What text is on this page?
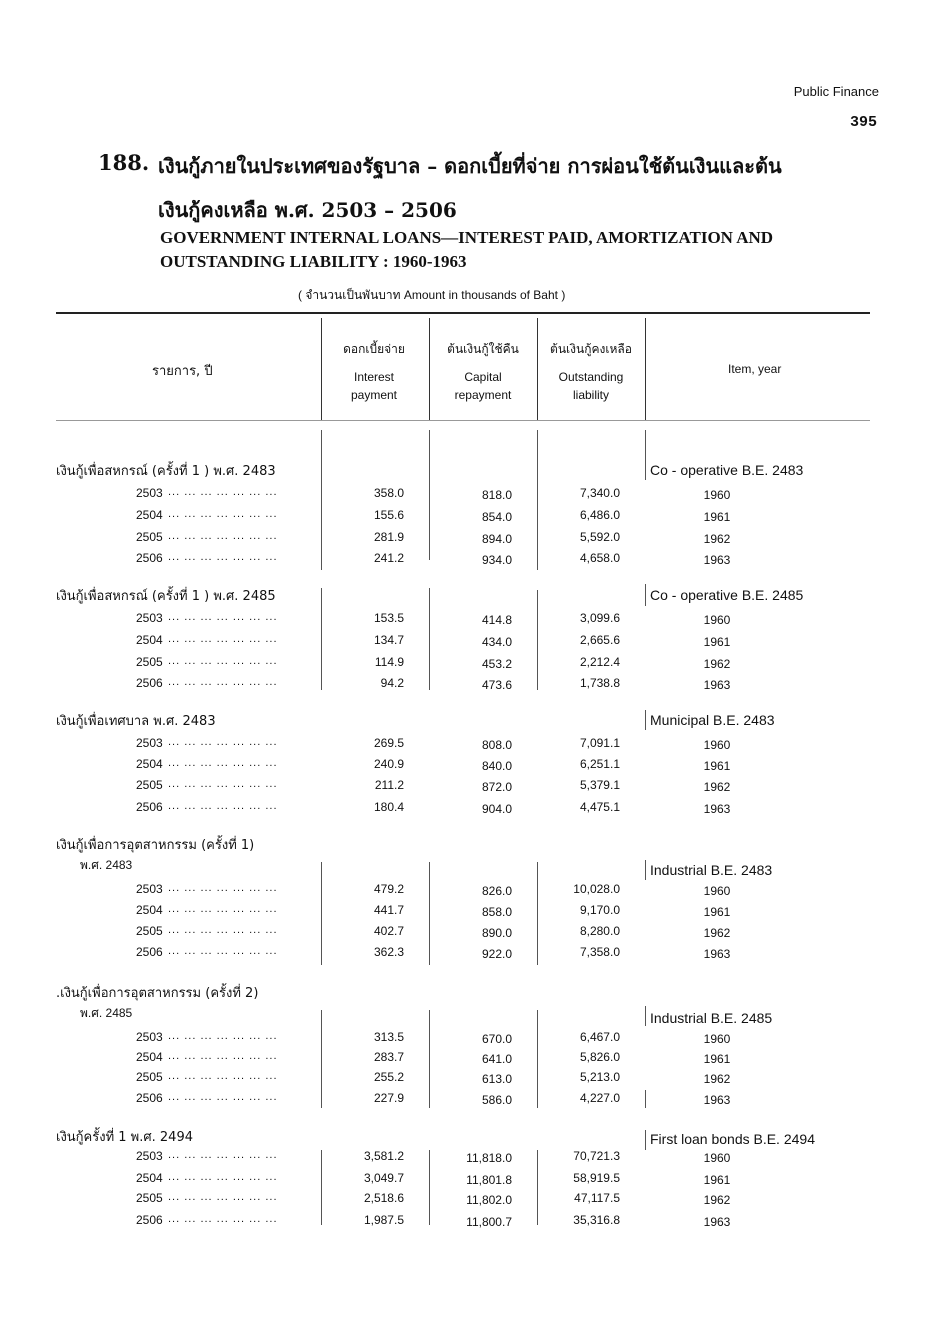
Public Finance
395
188. เงินกู้ภายในประเทศของรัฐบาล – ดอกเบี้ยที่จ่าย การผ่อนใช้ต้นเงินและต้น
เงินกู้คงเหลือ พ.ศ. 2503 – 2506
GOVERNMENT INTERNAL LOANS—INTEREST PAID, AMORTIZATION AND
OUTSTANDING LIABILITY : 1960-1963
( จำนวนเป็นพันบาท Amount in thousands of Baht )
รายการ, ปี
ดอกเบี้ยจ่าย
Interest
payment
ต้นเงินกู้ใช้คืน
Capital
repayment
ต้นเงินกู้คงเหลือ
Outstanding
liability
Item, year
เงินกู้เพื่อสหกรณ์ (ครั้งที่ 1 ) พ.ศ. 2483	Co - operative B.E. 2483
2503 ... ... ... ... ... ... ...	358.0	818.0	7,340.0	1960
2504 ... ... ... ... ... ... ...	155.6	854.0	6,486.0	1961
2505 ... ... ... ... ... ... ...	281.9	894.0	5,592.0	1962
2506 ... ... ... ... ... ... ...	241.2	934.0	4,658.0	1963
เงินกู้เพื่อสหกรณ์ (ครั้งที่ 1 ) พ.ศ. 2485	Co - operative B.E. 2485
2503 ... ... ... ... ... ... ...	153.5	414.8	3,099.6	1960
2504 ... ... ... ... ... ... ...	134.7	434.0	2,665.6	1961
2505 ... ... ... ... ... ... ...	114.9	453.2	2,212.4	1962
2506 ... ... ... ... ... ... ...	94.2	473.6	1,738.8	1963
เงินกู้เพื่อเทศบาล พ.ศ. 2483	Municipal B.E. 2483
2503 ... ... ... ... ... ... ...	269.5	808.0	7,091.1	1960
2504 ... ... ... ... ... ... ...	240.9	840.0	6,251.1	1961
2505 ... ... ... ... ... ... ...	211.2	872.0	5,379.1	1962
2506 ... ... ... ... ... ... ...	180.4	904.0	4,475.1	1963
เงินกู้เพื่อการอุตสาหกรรม (ครั้งที่ 1)
พ.ศ. 2483	Industrial B.E. 2483
2503 ... ... ... ... ... ... ...	479.2	826.0	10,028.0	1960
2504 ... ... ... ... ... ... ...	441.7	858.0	9,170.0	1961
2505 ... ... ... ... ... ... ...	402.7	890.0	8,280.0	1962
2506 ... ... ... ... ... ... ...	362.3	922.0	7,358.0	1963
.เงินกู้เพื่อการอุตสาหกรรม (ครั้งที่ 2)
พ.ศ. 2485	Industrial B.E. 2485
2503 ... ... ... ... ... ... ...	313.5	670.0	6,467.0	1960
2504 ... ... ... ... ... ... ...	283.7	641.0	5,826.0	1961
2505 ... ... ... ... ... ... ...	255.2	613.0	5,213.0	1962
2506 ... ... ... ... ... ... ...	227.9	586.0	4,227.0	1963
เงินกู้ครั้งที่ 1 พ.ศ. 2494	First loan bonds B.E. 2494
2503 ... ... ... ... ... ... ...	3,581.2	11,818.0	70,721.3	1960
2504 ... ... ... ... ... ... ...	3,049.7	11,801.8	58,919.5	1961
2505 ... ... ... ... ... ... ...	2,518.6	11,802.0	47,117.5	1962
2506 ... ... ... ... ... ... ...	1,987.5	11,800.7	35,316.8	1963
